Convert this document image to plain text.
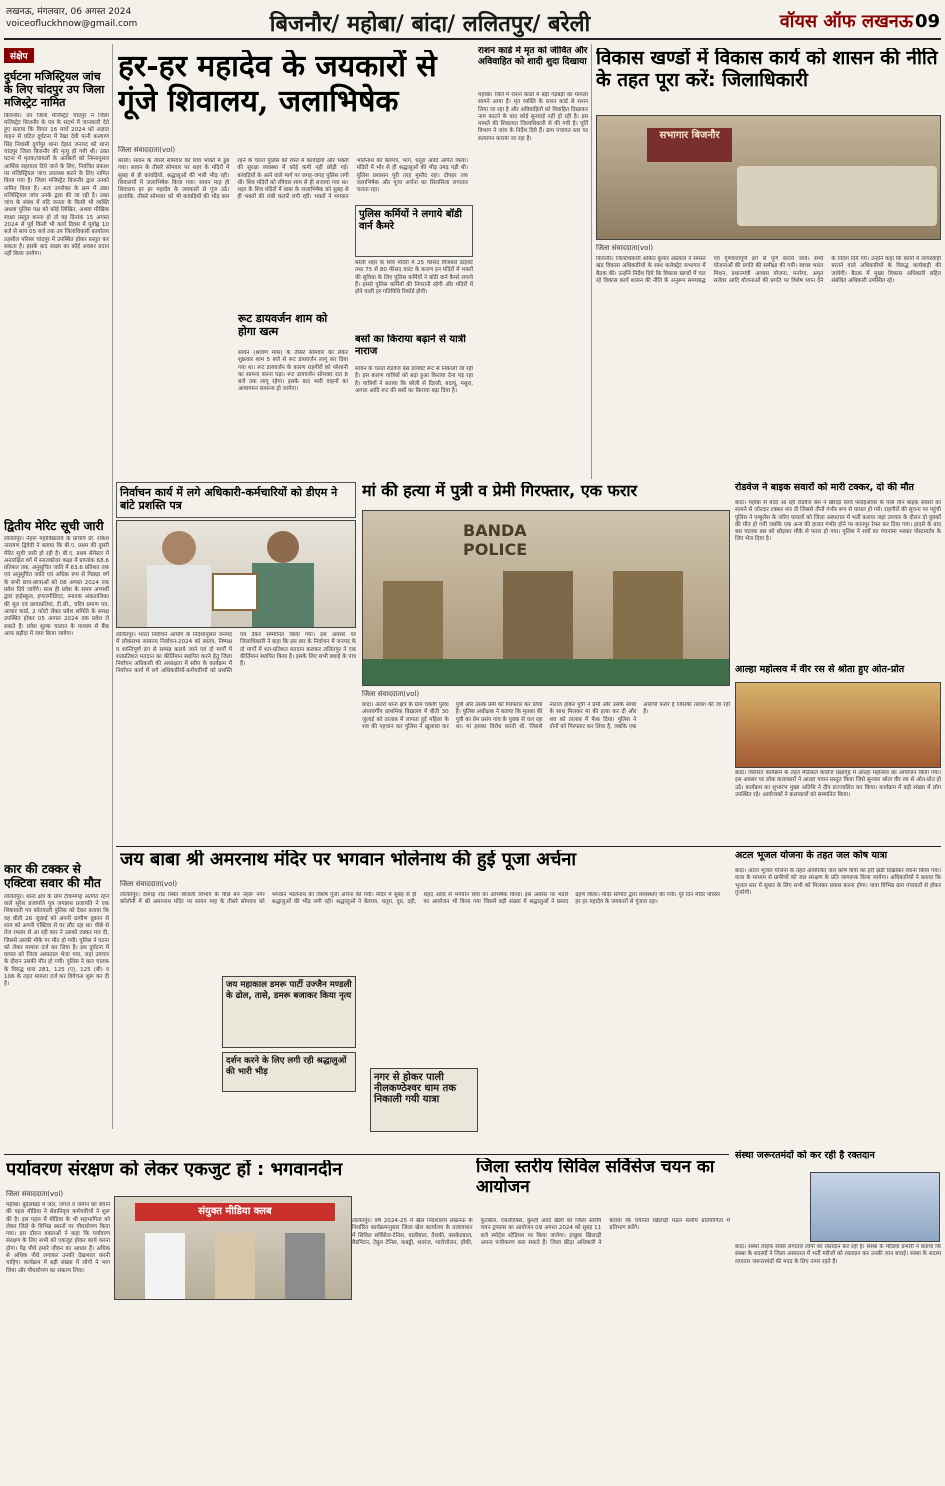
लखनऊ, मंगलवार, 06 अगस्त 2024
voiceofluckhnow@gmail.com	बिजनौर/ महोबा/ बांदा/ ललितपुर/ बरेली	वॉयस ऑफ लखनऊ 09
संक्षेप
दुर्घटना मजिस्ट्रियल जांच के लिए चांदपुर उप जिला मजिस्ट्रेट नामित
बिजनौर। उप जिला मजिस्ट्रेट चांदपुर ने जिला मजिस्ट्रेट बिजनौर के पत्र के संदर्भ में जानकारी देते हुए बताया कि विगत 16 मार्च 2024 को अज्ञात वाहन से घटित दुर्घटना में रेखा देवी पत्नी कल्याण सिंह निवासी दुर्गापुर थाना देहात जनपद को थाना चांदपुर जिला बिजनौर की मृत्यु हो गयी थी। उक्त घटना में मृतक/घायलों के आश्रितों को निम्नानुसार आर्थिक सहायता दिये जाने के लिए, नियंत्रित प्रकाश पर मजिस्ट्रियल जांच उपलब्ध करने के लिए नामित किया गया है। जिला मजिस्ट्रेट बिजनौर द्वारा उनको नामित किया है। अतः उपरोक्त के क्रम में उक्त मजिस्ट्रियल जांच उनके द्वारा की जा रही है। उक्त जांच के संबंध में यदि जनता के किसी भी व्यक्ति अथवा पुलिस पक्ष को कोई लिखित, अथवा मौखिक साक्ष्य प्रस्तुत करना हो तो वह दिनांक 15 अगस्त 2024 से पूर्व किसी भी कार्य दिवस में पूर्वाह्न 10 बजे से सायं 05 बजे तक उप जिलाधिकारी कार्यालय तहसील परिसर चांदपुर में उपस्थित होकर प्रस्तुत कर सकता है। इसके बाद साक्ष्य का कोई अवसर प्रदान नहीं किया जायेगा।
द्वितीय मेरिट सूची जारी
ललितपुर। नेहरू महाविद्यालय के प्राचार्य प्रो. राकेश नारायण द्विवेदी ने बताया कि बी.ए. प्रथम की दूसरी मेरिट सूची जारी हो रही है। बी.ए. प्रथम सेमेस्टर में अनारक्षित वर्ग में स्नातकोत्तर कक्षा में प्राप्तांक 68.6 प्रतिशत तक, अनुसूचित जाति में 63.6 प्रतिशत तक एवं अनुसूचित जाति एवं अधिक रूप से पिछड़ा वर्ग के सभी छात्र-छात्राओं को 08 अगस्त 2024 तक प्रवेश दिये जायेंगे। साथ ही प्रवेश के समय अभ्यर्थी द्वारा हाईस्कूल, इण्टरमीडिएट, स्नातक अंकतालिका की मूल एवं छायाप्रतियां, टी.सी., चरित्र प्रमाण पत्र, आधार कार्ड, 2 फोटो लेकर प्रवेश समिति के समक्ष उपस्थित होकर 05 अगस्त 2024 तक प्रवेश ले सकते हैं। प्रवेश शुल्क चालान के माध्यम से बैंक आफ बड़ौदा में जमा किया जायेगा।
कार की टक्कर से एक्टिवा सवार की मौत
ललितपुर। थाना क्षेत्र के ग्राम टीकमगढ़ अंतर्गत रहने वाले सूरेश प्रजापति पुत्र जगन्नाथ प्रजापति ने एक शिकायती पत्र कोतवाली पुलिस को देकर बताया कि वह बीती 26 जुलाई को अपनी ग्रामीण दुकान से शाम को अपनी एक्टिवा से घर लौट रहा था। पीछे से तेज रफ्तार से आ रही कार ने उसको टक्कर मार दी, जिससे उसकी मौके पर मौत हो गयी। पुलिस ने घटना को लेकर मामला दर्ज कर लिया है। इस दुर्घटना में घायल को जिला अस्पताल भेजा गया, जहां उपचार के दौरान उसकी मौत हो गयी। पुलिस ने कार चालक के विरुद्ध धारा 281, 125 (ए), 125 (बी) व 106 के तहत मामला दर्ज कर विवेचना शुरू कर दी है।
हर-हर महादेव के जयकारों से गूंजे शिवालय, जलाभिषेक
जिला संवाददाता(vol)
बरेली। सावन के तीसरे सोमवार को शिव भक्ति में डूब गया। सावन के तीसरे सोमवार पर शहर के मंदिरों में सुबह से ही कांवड़ियों, श्रद्धालुओं की भारी भीड़ रही। शिवालयों में जलाभिषेक किया गया। सावन माह ही शिवालय हर हर महादेव के जयकारों से गूंज उठे। हालांकि, तीसरे सोमवार को भी कांवड़ियों की भीड़ कम रहने के चलते पुलिस को रास्ते में कांवड़ियों और भक्तों की सुरक्षा व्यवस्था में कोई कमी नहीं छोड़ी गई। कांवड़ियों के आने वाले मार्ग पर जगह-जगह पुलिस लगी थी। शिव मंदिरों को रविवार शाम से ही सजाया गया था। शहर के शिव मंदिरों में बाबा के जलाभिषेक को सुबह से ही भक्तों की लंबी कतारें लगी रहीं। भक्तों ने भगवान भोलेनाथ को बेलपत्र, भांग, धतूरा आदि अर्पित किया। मंदिरों में भोर से ही श्रद्धालुओं की भीड़ उमड़ पड़ी थी। पुलिस प्रशासन पूरी तरह मुस्तैद रहा। दोपहर तक जलाभिषेक और पूजा अर्चना का सिलसिला लगातार चलता रहा।
पुलिस कर्मियों ने लगाये बॉडी वार्न कैमरे
बरेली शहर के शिव मंदिरों में 25 फीसद विजबल डाइवर्ट तथा 75 से 80 फीसद वारंट के कारण इन मंदिरों में भक्तों की सुविधा के लिए पुलिस कर्मियों ने बॉडी वार्न कैमरे लगाये हैं। इससे पुलिस कर्मियों की निगरानी रहेगी और मंदिरों में होने वाली हर गतिविधि रिकॉर्ड होगी।
रूट डायवर्जन शाम को होगा खत्म
सावन (श्रावण मास) के तीसरे सोमवार को लेकर शुक्रवार शाम 5 बजे से रूट डायवर्जन लागू कर दिया गया था। रूट डायवर्जन के कारण राहगीरों को परेशानी का सामना करना पड़ा। रूट डायवर्जन सोमवार रात 8 बजे तक लागू रहेगा। इसके बाद भारी वाहनों का आवागमन सामान्य हो जायेगा।
बसों का किराया बढ़ाने से यात्री नाराज
सावन के चलते रोडवेज बस डायवर्ट रूट से निकाली जा रही हैं। इस कारण यात्रियों को बढ़ा हुआ किराया देना पड़ रहा है। यात्रियों ने बताया कि बरेली से दिल्ली, बदायूं, मथुरा, आगरा आदि रूट की बसों का किराया बढ़ा दिया है।
राशन कार्ड में मृत को जीवित और अविवाहित को शादी शुदा दिखाया
महोबा। जिले में राशन कार्डों में बड़ी गड़बड़ी का मामला सामने आया है। मृत व्यक्ति के राशन कार्ड से राशन लिया जा रहा है और अविवाहितों को विवाहित दिखाकर नाम काटने के बाद कोई सुनवाई नहीं हो रही है। इस मामले की शिकायत जिलाधिकारी से की गयी है। पूर्ति विभाग ने जांच के निर्देश दिये हैं। ग्राम पंचायत स्तर पर सत्यापन कराया जा रहा है।
विकास खण्डों में विकास कार्य को शासन की नीति के तहत पूरा करें: जिलाधिकारी
सभागार बिजनौर
जिला संवाददाता(vol)
बिजनौर। जिलाधिकारी अंकित कुमार अग्रवाल ने समस्त खंड विकास अधिकारियों के साथ कलेक्ट्रेट सभागार में बैठक की। उन्होंने निर्देश दिये कि विकास खण्डों में चल रहे विकास कार्य शासन की नीति के अनुरूप समयबद्ध एवं गुणवत्तापूर्ण ढंग से पूर्ण कराये जायें। सभी योजनाओं की प्रगति की समीक्षा की गयी। स्वच्छ भारत मिशन, प्रधानमंत्री आवास योजना, मनरेगा, अमृत सरोवर आदि योजनाओं की प्रगति पर विशेष ध्यान देने के निर्देश दिये गये। उन्होंने कहा कि कार्यों में लापरवाही बरतने वाले अधिकारियों के विरुद्ध कार्यवाही की जायेगी। बैठक में मुख्य विकास अधिकारी सहित संबंधित अधिकारी उपस्थित रहे।
निर्वाचन कार्य में लगे अधिकारी-कर्मचारियों को डीएम ने बांटे प्रशस्ति पत्र
ललितपुर। भारत निर्वाचन आयोग के निर्देशानुसार जनपद में लोकसभा सामान्य निर्वाचन-2024 को स्वतंत्र, निष्पक्ष व शान्तिपूर्ण ढंग से सम्पन्न कराये जाने एवं दो मार्गों में शतप्रतिशत मतदान का कीर्तिमान स्थापित करने हेतु जिला निर्वाचन अधिकारी की अध्यक्षता में स्वीप के कार्यक्रम में निर्वाचन कार्य में लगे अधिकारियों-कर्मचारियों को प्रशस्ति पत्र देकर सम्मानित किया गया। इस अवसर पर जिलाधिकारी ने कहा कि इस बार के निर्वाचन में जनपद के दो मार्गों में शत-प्रतिशत मतदान कराकर ललितपुर ने एक कीर्तिमान स्थापित किया है। इसके लिए सभी बधाई के पात्र हैं।
मां की हत्या में पुत्री व प्रेमी गिरफ्तार, एक फरार
BANDA POLICE
जिला संवाददाता(vol)
बांदा। अतर्रा थाना क्षेत्र के ग्राम चकवी पुरवा अंध्यवर्गीय प्राथमिक विद्यालय में बीती 30 जुलाई को तालाब में लापता हुई महिला के शव की पहचान कर पुलिस ने खुलासा कर पुत्री और उसके प्रेमी को गिरफ्तार कर लिया है। पुलिस अधीक्षक ने बताया कि मृतका की पुत्री का प्रेम प्रसंग गांव के युवक से चल रहा था। मां इसका विरोध करती थी, जिससे नाराज होकर पुत्री ने प्रेमी और उसके साथी के साथ मिलकर मां की हत्या कर दी और शव को तालाब में फेंक दिया। पुलिस ने दोनों को गिरफ्तार कर लिया है, जबकि एक आरोपी फरार है जिसकी तलाश की जा रही है।
रोडवेज ने बाइक सवारों को मारी टक्कर, दो की मौत
बांदा। महोबा से बांदा आ रही रोडवेज बस ने खैराड़ा रेलवे फ्लाईओवर के पास तीन बाइक सवारों को सामने से जोरदार टक्कर मार दी जिससे तीनों गंभीर रूप से घायल हो गये। राहगीरों की सूचना पर पहुंची पुलिस ने एम्बुलेंस के जरिए घायलों को जिला अस्पताल में भर्ती कराया जहां उपचार के दौरान दो युवकों की मौत हो गयी जबकि एक अन्य की हालत गंभीर होने पर कानपुर रेफर कर दिया गया। हादसे के बाद बस चालक बस को छोड़कर मौके से फरार हो गया। पुलिस ने शवों का पंचनामा भरकर पोस्टमार्टम के लिए भेज दिया है।
आल्हा महोत्सव में वीर रस से श्रोता हुए ओत-प्रोत
बांदा। विरासत कार्यक्रम के तहत मेडिकल कॉलेज प्रेक्षागृह में आल्हा महोत्सव का आयोजन किया गया। इस अवसर पर लोक कलाकारों ने आल्हा गायन प्रस्तुत किया जिसे सुनकर श्रोता वीर रस से ओत-प्रोत हो उठे। कार्यक्रम का शुभारंभ मुख्य अतिथि ने दीप प्रज्ज्वलित कर किया। कार्यक्रम में बड़ी संख्या में लोग उपस्थित रहे। आयोजकों ने कलाकारों को सम्मानित किया।
जय बाबा श्री अमरनाथ मंदिर पर भगवान भोलेनाथ की हुई पूजा अर्चना
जिला संवाददाता(vol)
ललितपुर। देवगढ़ रोड स्थित बिजली विभाग के पीछे बने नेहरू नगर कॉलोनी में श्री अमरनाथ मंदिर पर सावन माह के तीसरे सोमवार को भगवान भोलेनाथ की विशेष पूजा अर्चना की गयी। मंदिर में सुबह से ही श्रद्धालुओं की भीड़ लगी रही। श्रद्धालुओं ने बेलपत्र, धतूरा, दूध, दही, शहद आदि से भगवान शिव का अभिषेक किया। इस अवसर पर भंडारे का आयोजन भी किया गया जिसमें बड़ी संख्या में श्रद्धालुओं ने प्रसाद ग्रहण किया। मंदिर समिति द्वारा व्यवस्थाएं की गयीं। पूरे दिन मंदिर परिसर हर हर महादेव के जयकारों से गूंजता रहा।
जय महाकाल डमरू पार्टी उज्जैन मण्डली के ढोल, तासे, डमरू बजाकर किया नृत्य
दर्शन करने के लिए लगी रही श्रद्धालुओं की भारी भीड़	नगर से होकर पाली नीलकण्ठेश्वर धाम तक निकाली गयी यात्रा
अटल भूजल योजना के तहत जल कोष यात्रा
बांदा। अटल भूजल योजना के तहत आयोजित जल कोष यात्रा को हरी झंडी दिखाकर रवाना किया गया। यात्रा के माध्यम से ग्रामीणों को जल संरक्षण के प्रति जागरूक किया जायेगा। अधिकारियों ने बताया कि भूजल स्तर में सुधार के लिए सभी को मिलकर प्रयास करना होगा। यात्रा विभिन्न ग्राम पंचायतों से होकर गुजरेगी।
पर्यावरण संरक्षण को लेकर एकजुट हों : भगवानदीन
जिला संवाददाता(vol)
महोबा। बुंदेलखंड में जल, जंगल व जमीन को बचाने की पहल मीडिया ने सेवानिवृत्त कर्मचारियों ने शुरू की है। इस पहल में मीडिया के भी सहभागिता को लेकर जिले के विभिन्न स्थानों पर पौधारोपण किया गया। इस दौरान वक्ताओं ने कहा कि पर्यावरण संरक्षण के लिए सभी को एकजुट होकर कार्य करना होगा। पेड़ पौधे हमारे जीवन का आधार हैं। अधिक से अधिक पौधे लगाकर उनकी देखभाल करनी चाहिए। कार्यक्रम में बड़ी संख्या में लोगों ने भाग लिया और पौधारोपण का संकल्प लिया।
संयुक्त मीडिया क्लब
जिला स्तरीय सिविल सर्विसेज चयन का आयोजन
ललितपुर। वर्ष 2024-25 में खेल निदेशालय लखनऊ के निर्धारित कार्यक्रमानुसार जिला खेल कार्यालय के तत्वावधान में सिविल सर्विसेज-टेनिस, वालीबाल, तैराकी, बास्केटबाल, बैडमिंटन, टेबुल टेनिस, कबड्डी, शतरंज, भारोत्तोलन, हॉकी, फुटबाल, एथलेटिक्स, कुश्ती आदि खेलों का जिला स्तरीय चयन ट्रायल्स का आयोजन 09 अगस्त 2024 को सुबह 11 बजे स्पोर्ट्स स्टेडियम पर किया जायेगा। इच्छुक खिलाड़ी अपना पंजीकरण करा सकते हैं। जिला क्रीड़ा अधिकारी ने बताया कि चयनित खिलाड़ी मंडल स्तरीय प्रतियोगिता में प्रतिभाग करेंगे।
संस्था जरूरतमंदों को कर रही है रक्तदान
बांदा। संस्था लाइफ सेवर्स लगातार लोगों को रक्तदान कर रही है। संस्था के मीडिया प्रभारी ने बताया कि संस्था के सदस्यों ने जिला अस्पताल में भर्ती मरीजों को रक्तदान कर उनकी जान बचाई। संस्था के सदस्य लगातार जरूरतमंदों की मदद के लिए तत्पर रहते हैं।
